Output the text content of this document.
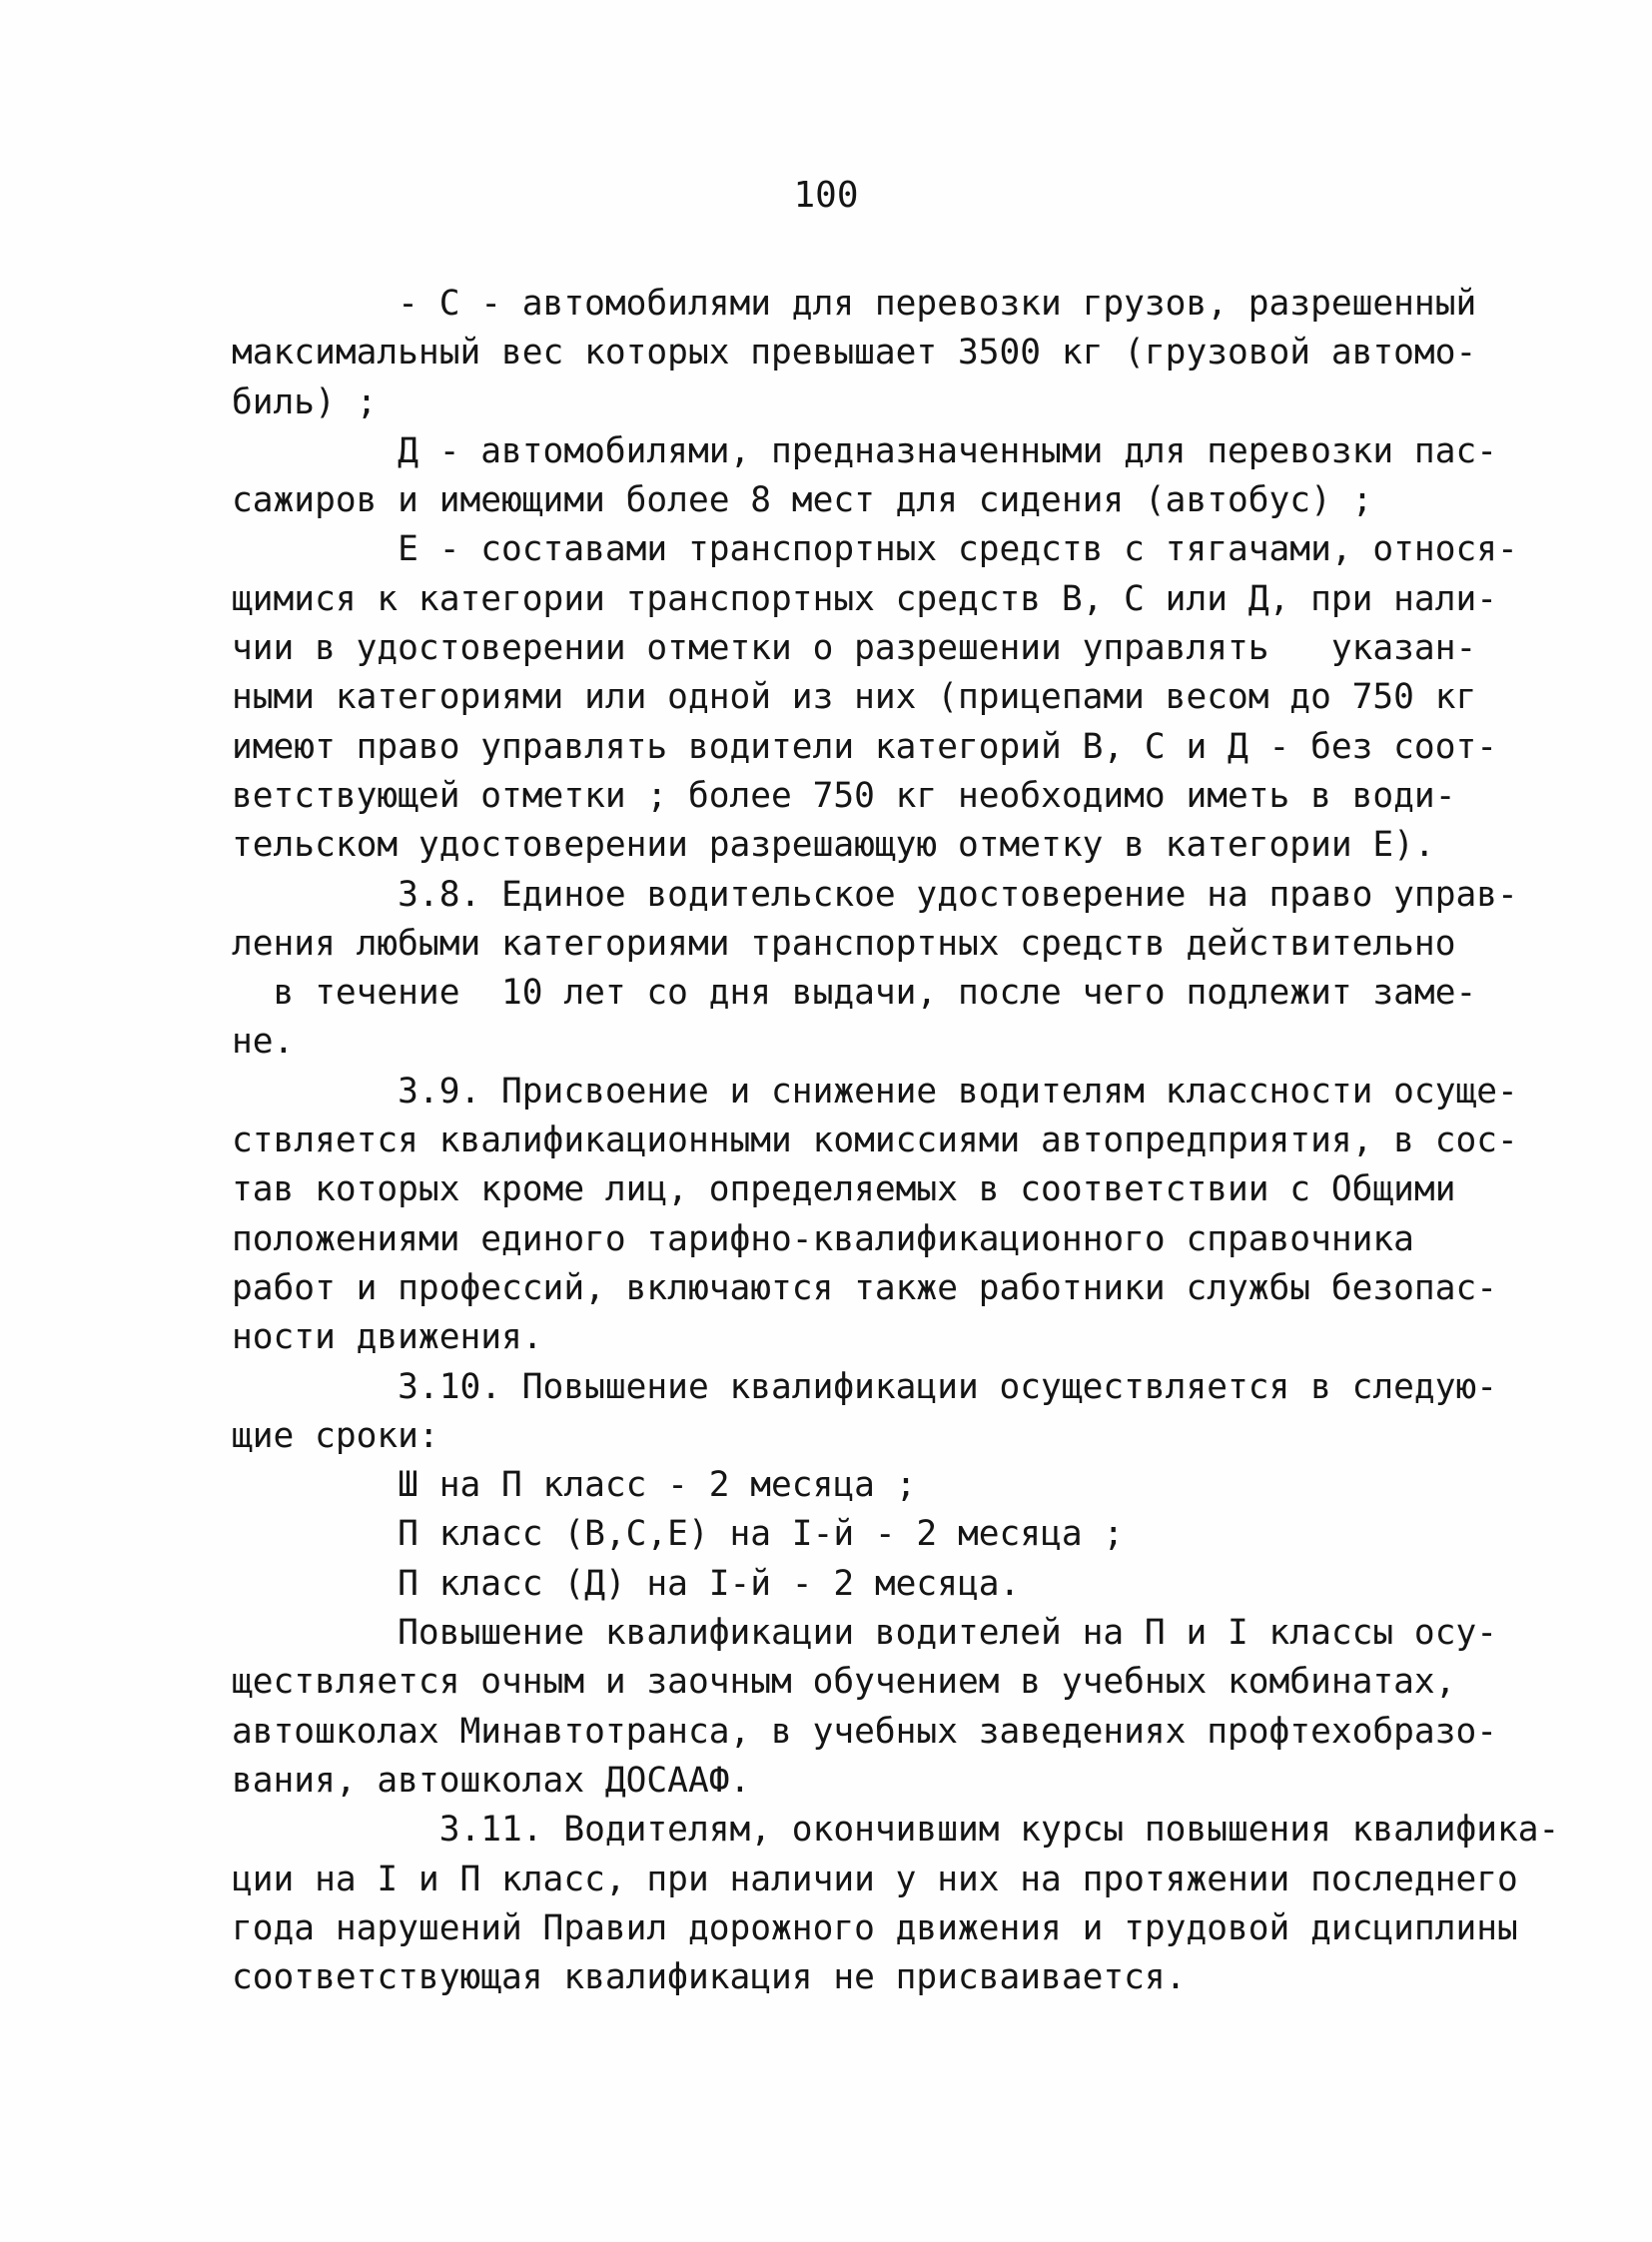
100
- С - автомобилями для перевозки грузов, разрешенный
максимальный вес которых превышает 3500 кг (грузовой автомо-
биль) ;
Д - автомобилями, предназначенными для перевозки пас-
сажиров и имеющими более 8 мест для сидения (автобус) ;
Е - составами транспортных средств с тягачами, относя-
щимися к категории транспортных средств В, С или Д, при нали-
чии в удостоверении отметки о разрешении управлять   указан-
ными категориями или одной из них (прицепами весом до 750 кг
имеют право управлять водители категорий В, С и Д - без соот-
ветствующей отметки ; более 750 кг необходимо иметь в води-
тельском удостоверении разрешающую отметку в категории Е).
3.8. Единое водительское удостоверение на право управ-
ления любыми категориями транспортных средств действительно
в течение  10 лет со дня выдачи, после чего подлежит заме-
не.
3.9. Присвоение и снижение водителям классности осуще-
ствляется квалификационными комиссиями автопредприятия, в сос-
тав которых кроме лиц, определяемых в соответствии с Общими
положениями единого тарифно-квалификационного справочника
работ и профессий, включаются также работники службы безопас-
ности движения.
3.10. Повышение квалификации осуществляется в следую-
щие сроки:
Ш на П класс - 2 месяца ;
П класс (В,С,Е) на I-й - 2 месяца ;
П класс (Д) на I-й - 2 месяца.
Повышение квалификации водителей на П и I классы осу-
ществляется очным и заочным обучением в учебных комбинатах,
автошколах Минавтотранса, в учебных заведениях профтехобразо-
вания, автошколах ДОСААФ.
3.11. Водителям, окончившим курсы повышения квалифика-
ции на I и П класс, при наличии у них на протяжении последнего
года нарушений Правил дорожного движения и трудовой дисциплины
соответствующая квалификация не присваивается.
